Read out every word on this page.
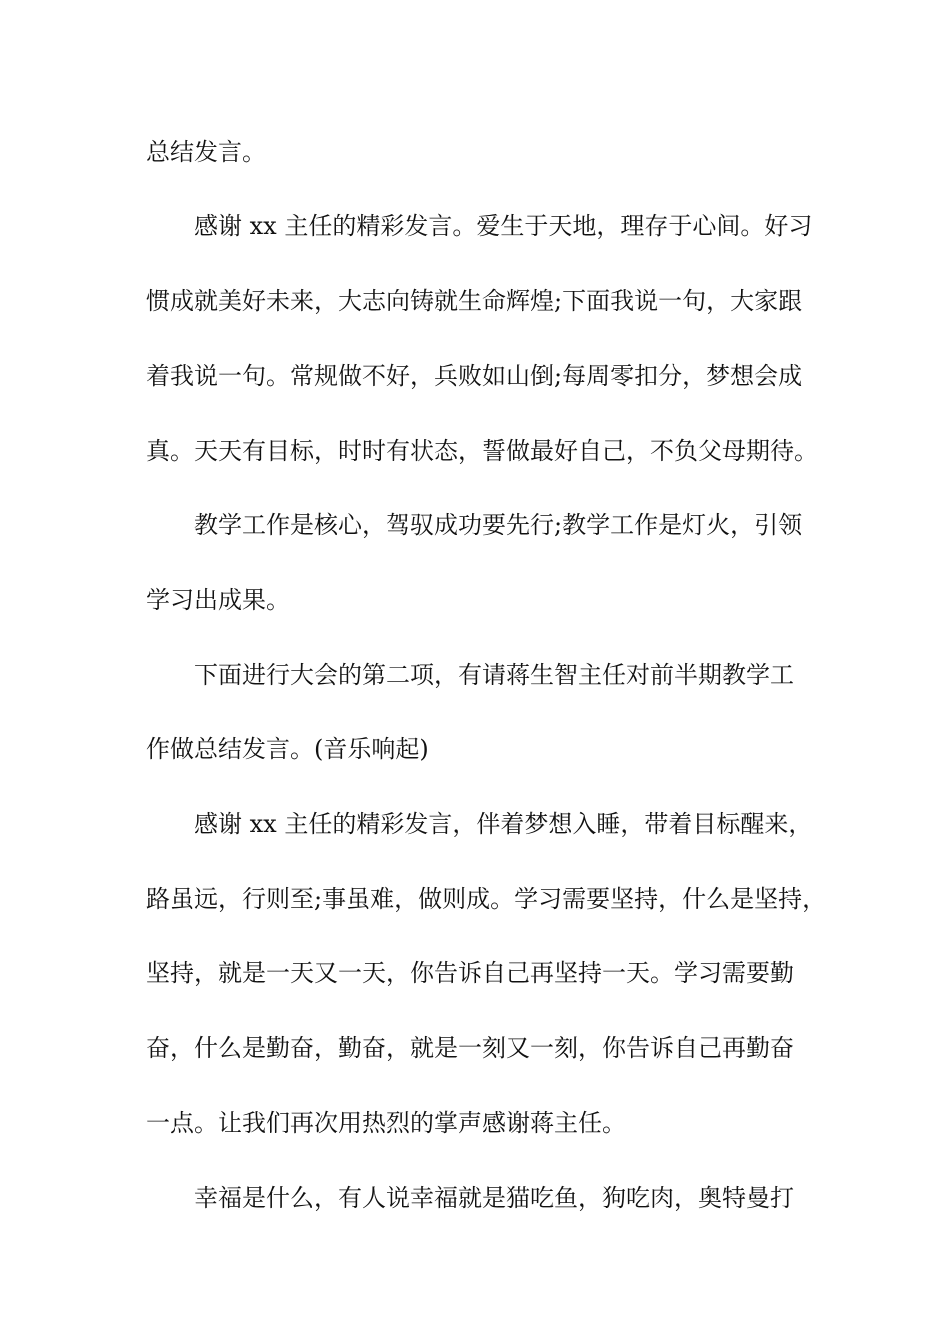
总结发言。
感谢 xx 主任的精彩发言。爱生于天地，理存于心间。好习
惯成就美好未来，大志向铸就生命辉煌;下面我说一句，大家跟
着我说一句。常规做不好，兵败如山倒;每周零扣分，梦想会成
真。天天有目标，时时有状态，誓做最好自己，不负父母期待。
教学工作是核心，驾驭成功要先行;教学工作是灯火，引领
学习出成果。
下面进行大会的第二项，有请蒋生智主任对前半期教学工
作做总结发言。(音乐响起)
感谢 xx 主任的精彩发言，伴着梦想入睡，带着目标醒来，
路虽远，行则至;事虽难，做则成。学习需要坚持，什么是坚持，
坚持，就是一天又一天，你告诉自己再坚持一天。学习需要勤
奋，什么是勤奋，勤奋，就是一刻又一刻，你告诉自己再勤奋
一点。让我们再次用热烈的掌声感谢蒋主任。
幸福是什么，有人说幸福就是猫吃鱼，狗吃肉，奥特曼打
